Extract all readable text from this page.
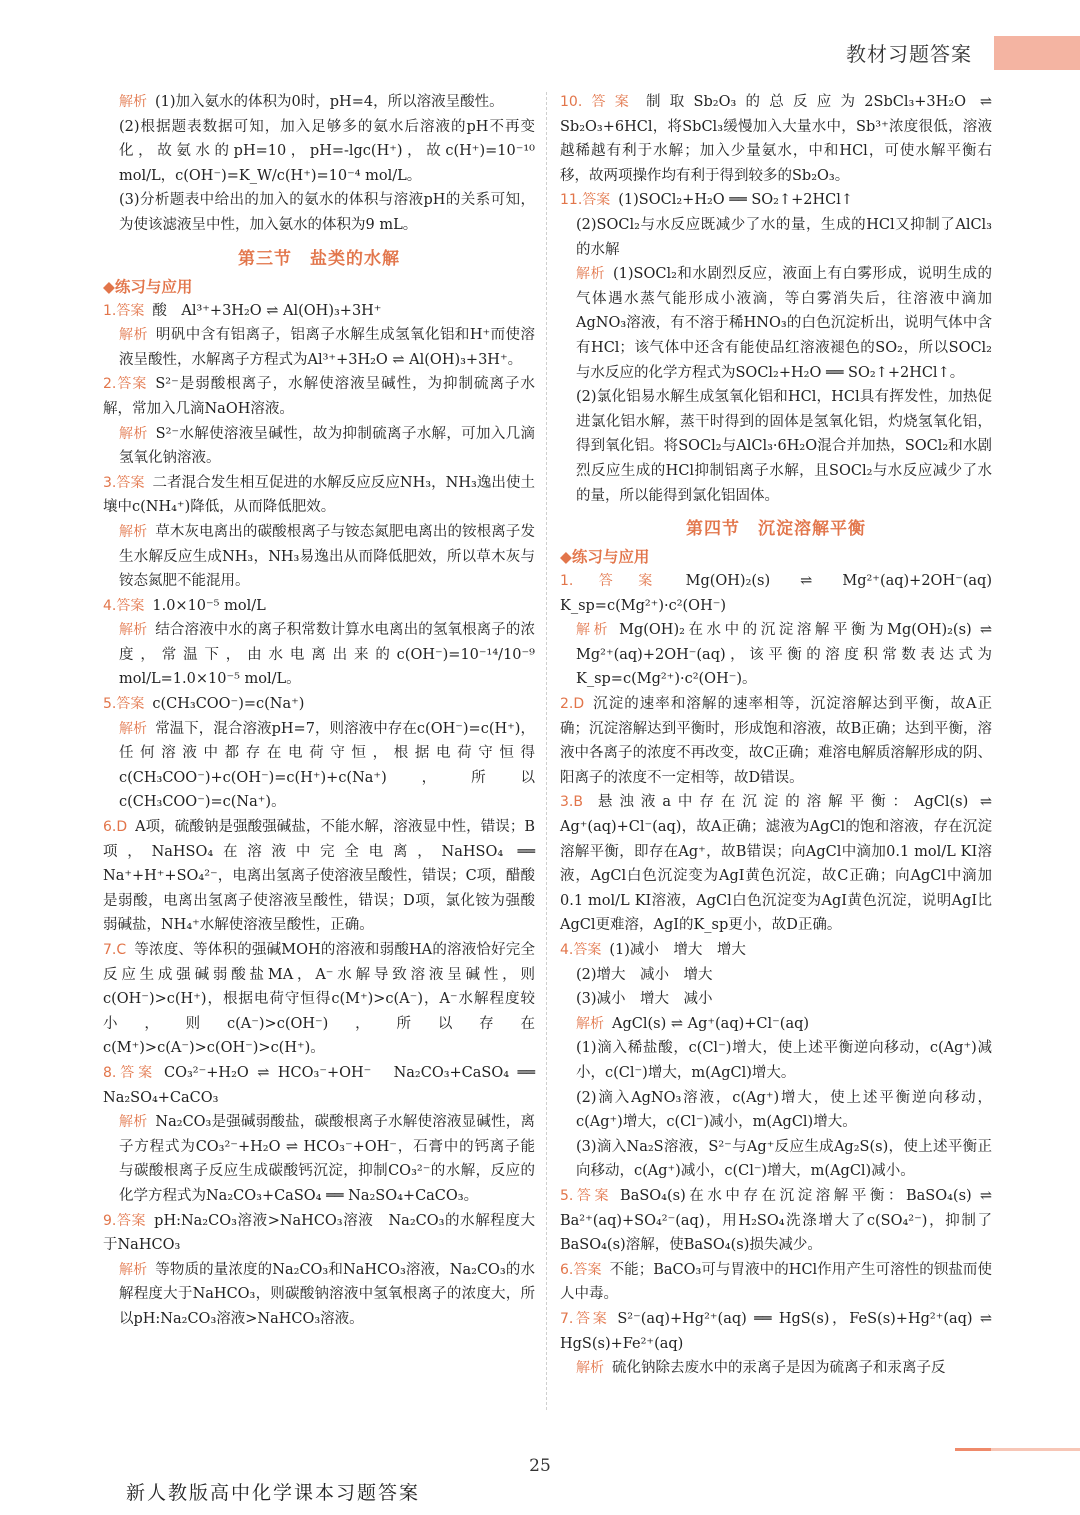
教材习题答案

解析 (1)加入氨水的体积为0时，pH=4，所以溶液呈酸性。

(2)根据题表数据可知，加入足够多的氨水后溶液的pH不再变化，故氨水的pH=10，pH=-lgc(H⁺)，故c(H⁺)=10⁻¹⁰ mol/L，c(OH⁻)=K_W/c(H⁺)=10⁻⁴ mol/L。

(3)分析题表中给出的加入的氨水的体积与溶液pH的关系可知，为使该滤液呈中性，加入氨水的体积为9 mL。

第三节　盐类的水解
◆练习与应用

1.答案 酸　Al³⁺+3H₂O ⇌ Al(OH)₃+3H⁺

解析 明矾中含有铝离子，铝离子水解生成氢氧化铝和H⁺而使溶液呈酸性，水解离子方程式为Al³⁺+3H₂O ⇌ Al(OH)₃+3H⁺。

2.答案 S²⁻是弱酸根离子，水解使溶液呈碱性，为抑制硫离子水解，常加入几滴NaOH溶液。

解析 S²⁻水解使溶液呈碱性，故为抑制硫离子水解，可加入几滴氢氧化钠溶液。

3.答案 二者混合发生相互促进的水解反应反应NH₃，NH₃逸出使土壤中c(NH₄⁺)降低，从而降低肥效。

解析 草木灰电离出的碳酸根离子与铵态氮肥电离出的铵根离子发生水解反应生成NH₃，NH₃易逸出从而降低肥效，所以草木灰与铵态氮肥不能混用。

4.答案 1.0×10⁻⁵ mol/L

解析 结合溶液中水的离子积常数计算水电离出的氢氧根离子的浓度，常温下，由水电离出来的c(OH⁻)=10⁻¹⁴/10⁻⁹ mol/L=1.0×10⁻⁵ mol/L。

5.答案 c(CH₃COO⁻)=c(Na⁺)

解析 常温下，混合溶液pH=7，则溶液中存在c(OH⁻)=c(H⁺)，任何溶液中都存在电荷守恒，根据电荷守恒得c(CH₃COO⁻)+c(OH⁻)=c(H⁺)+c(Na⁺)，所以c(CH₃COO⁻)=c(Na⁺)。

6.D A项，硫酸钠是强酸强碱盐，不能水解，溶液显中性，错误；B项，NaHSO₄在溶液中完全电离，NaHSO₄ ══ Na⁺+H⁺+SO₄²⁻，电离出氢离子使溶液呈酸性，错误；C项，醋酸是弱酸，电离出氢离子使溶液呈酸性，错误；D项，氯化铵为强酸弱碱盐，NH₄⁺水解使溶液呈酸性，正确。

7.C 等浓度、等体积的强碱MOH的溶液和弱酸HA的溶液恰好完全反应生成强碱弱酸盐MA，A⁻水解导致溶液呈碱性，则c(OH⁻)>c(H⁺)，根据电荷守恒得c(M⁺)>c(A⁻)，A⁻水解程度较小，则c(A⁻)>c(OH⁻)，所以存在c(M⁺)>c(A⁻)>c(OH⁻)>c(H⁺)。

8.答案 CO₃²⁻+H₂O ⇌ HCO₃⁻+OH⁻　Na₂CO₃+CaSO₄ ══ Na₂SO₄+CaCO₃

解析 Na₂CO₃是强碱弱酸盐，碳酸根离子水解使溶液显碱性，离子方程式为CO₃²⁻+H₂O ⇌ HCO₃⁻+OH⁻，石膏中的钙离子能与碳酸根离子反应生成碳酸钙沉淀，抑制CO₃²⁻的水解，反应的化学方程式为Na₂CO₃+CaSO₄ ══ Na₂SO₄+CaCO₃。

9.答案 pH:Na₂CO₃溶液>NaHCO₃溶液　Na₂CO₃的水解程度大于NaHCO₃

解析 等物质的量浓度的Na₂CO₃和NaHCO₃溶液，Na₂CO₃的水解程度大于NaHCO₃，则碳酸钠溶液中氢氧根离子的浓度大，所以pH:Na₂CO₃溶液>NaHCO₃溶液。

10.答案 制取Sb₂O₃的总反应为2SbCl₃+3H₂O ⇌ Sb₂O₃+6HCl，将SbCl₃缓慢加入大量水中，Sb³⁺浓度很低，溶液越稀越有利于水解；加入少量氨水，中和HCl，可使水解平衡右移，故两项操作均有利于得到较多的Sb₂O₃。

11.答案 (1)SOCl₂+H₂O ══ SO₂↑+2HCl↑

(2)SOCl₂与水反应既减少了水的量，生成的HCl又抑制了AlCl₃的水解

解析 (1)SOCl₂和水剧烈反应，液面上有白雾形成，说明生成的气体遇水蒸气能形成小液滴，等白雾消失后，往溶液中滴加AgNO₃溶液，有不溶于稀HNO₃的白色沉淀析出，说明气体中含有HCl；该气体中还含有能使品红溶液褪色的SO₂，所以SOCl₂与水反应的化学方程式为SOCl₂+H₂O ══ SO₂↑+2HCl↑。

(2)氯化铝易水解生成氢氧化铝和HCl，HCl具有挥发性，加热促进氯化铝水解，蒸干时得到的固体是氢氧化铝，灼烧氢氧化铝，得到氧化铝。将SOCl₂与AlCl₃·6H₂O混合并加热，SOCl₂和水剧烈反应生成的HCl抑制铝离子水解，且SOCl₂与水反应减少了水的量，所以能得到氯化铝固体。

第四节　沉淀溶解平衡
◆练习与应用

1.答案 Mg(OH)₂(s) ⇌ Mg²⁺(aq)+2OH⁻(aq)　K_sp=c(Mg²⁺)·c²(OH⁻)

解析 Mg(OH)₂在水中的沉淀溶解平衡为Mg(OH)₂(s) ⇌ Mg²⁺(aq)+2OH⁻(aq)，该平衡的溶度积常数表达式为K_sp=c(Mg²⁺)·c²(OH⁻)。

2.D 沉淀的速率和溶解的速率相等，沉淀溶解达到平衡，故A正确；沉淀溶解达到平衡时，形成饱和溶液，故B正确；达到平衡，溶液中各离子的浓度不再改变，故C正确；难溶电解质溶解形成的阴、阳离子的浓度不一定相等，故D错误。

3.B 悬浊液a中存在沉淀的溶解平衡：AgCl(s) ⇌ Ag⁺(aq)+Cl⁻(aq)，故A正确；滤液为AgCl的饱和溶液，存在沉淀溶解平衡，即存在Ag⁺，故B错误；向AgCl中滴加0.1 mol/L KI溶液，AgCl白色沉淀变为AgI黄色沉淀，故C正确；向AgCl中滴加0.1 mol/L KI溶液，AgCl白色沉淀变为AgI黄色沉淀，说明AgI比AgCl更难溶，AgI的K_sp更小，故D正确。

4.答案 (1)减小　增大　增大

(2)增大　减小　增大

(3)减小　增大　减小

解析 AgCl(s) ⇌ Ag⁺(aq)+Cl⁻(aq)

(1)滴入稀盐酸，c(Cl⁻)增大，使上述平衡逆向移动，c(Ag⁺)减小，c(Cl⁻)增大，m(AgCl)增大。

(2)滴入AgNO₃溶液，c(Ag⁺)增大，使上述平衡逆向移动，c(Ag⁺)增大，c(Cl⁻)减小，m(AgCl)增大。

(3)滴入Na₂S溶液，S²⁻与Ag⁺反应生成Ag₂S(s)，使上述平衡正向移动，c(Ag⁺)减小，c(Cl⁻)增大，m(AgCl)减小。

5.答案 BaSO₄(s)在水中存在沉淀溶解平衡：BaSO₄(s) ⇌ Ba²⁺(aq)+SO₄²⁻(aq)，用H₂SO₄洗涤增大了c(SO₄²⁻)，抑制了BaSO₄(s)溶解，使BaSO₄(s)损失减少。

6.答案 不能；BaCO₃可与胃液中的HCl作用产生可溶性的钡盐而使人中毒。

7.答案 S²⁻(aq)+Hg²⁺(aq) ══ HgS(s)，FeS(s)+Hg²⁺(aq) ⇌ HgS(s)+Fe²⁺(aq)

解析 硫化钠除去废水中的汞离子是因为硫离子和汞离子反

25
新人教版高中化学课本习题答案
